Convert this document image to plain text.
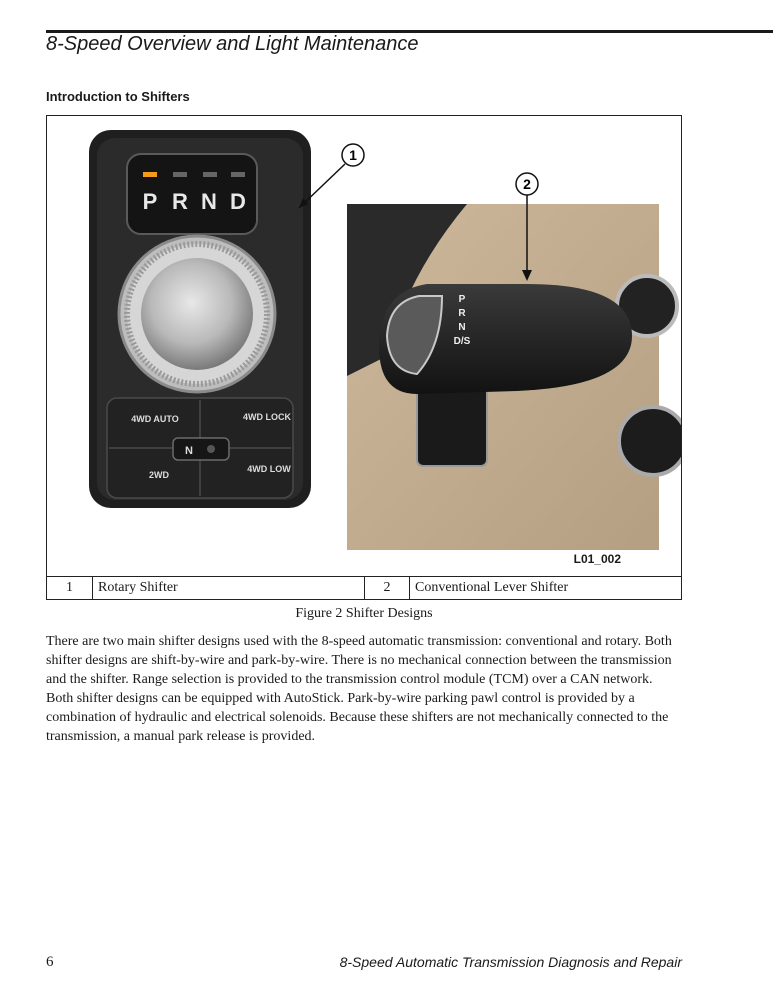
8-Speed Overview and Light Maintenance
Introduction to Shifters
P R N D
4WD AUTO	4WD LOCK
2WD
4WD LOW
N
1
P
R
N
D/S
2
L01_002
1	Rotary Shifter	2	Conventional Lever Shifter
Figure 2 Shifter Designs

There are two main shifter designs used with the 8-speed automatic transmission: conventional and rotary. Both shifter designs are shift-by-wire and park-by-wire. There is no mechanical connection between the transmission and the shifter. Range selection is provided to the transmission control module (TCM) over a CAN network. Both shifter designs can be equipped with AutoStick. Park-by-wire parking pawl control is provided by a combination of hydraulic and electrical solenoids. Because these shifters are not mechanically connected to the transmission, a manual park release is provided.

6	8-Speed Automatic Transmission Diagnosis and Repair
